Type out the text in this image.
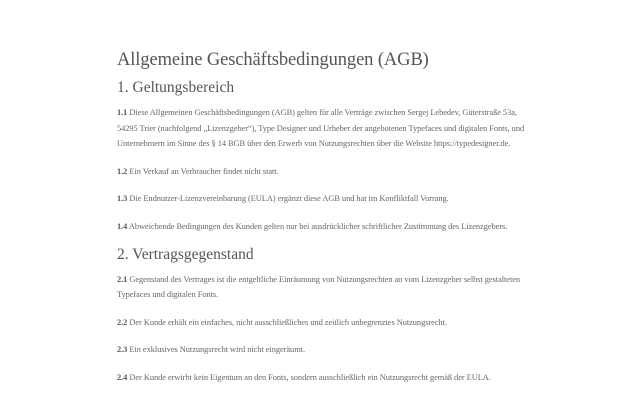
Allgemeine Geschäftsbedingungen (AGB)
1. Geltungsbereich

1.1 Diese Allgemeinen Geschäftsbedingungen (AGB) gelten für alle Verträge zwischen Sergej Lebedev, Güterstraße 53a, 54295 Trier (nachfolgend „Lizenzgeber“), Type Designer und Urheber der angebotenen Typefaces und digitalen Fonts, und Unternehmern im Sinne des § 14 BGB über den Erwerb von Nutzungsrechten über die Website https://typedesigner.de.

1.2 Ein Verkauf an Verbraucher findet nicht statt.

1.3 Die Endnutzer-Lizenzvereinbarung (EULA) ergänzt diese AGB und hat im Konfliktfall Vorrang.

1.4 Abweichende Bedingungen des Kunden gelten nur bei ausdrücklicher schriftlicher Zustimmung des Lizenzgebers.

2. Vertragsgegenstand

2.1 Gegenstand des Vertrages ist die entgeltliche Einräumung von Nutzungsrechten an vom Lizenzgeber selbst gestalteten Typefaces und digitalen Fonts.

2.2 Der Kunde erhält ein einfaches, nicht ausschließliches und zeitlich unbegrenztes Nutzungsrecht.

2.3 Ein exklusives Nutzungsrecht wird nicht eingeräumt.

2.4 Der Kunde erwirbt kein Eigentum an den Fonts, sondern ausschließlich ein Nutzungsrecht gemäß der EULA.
